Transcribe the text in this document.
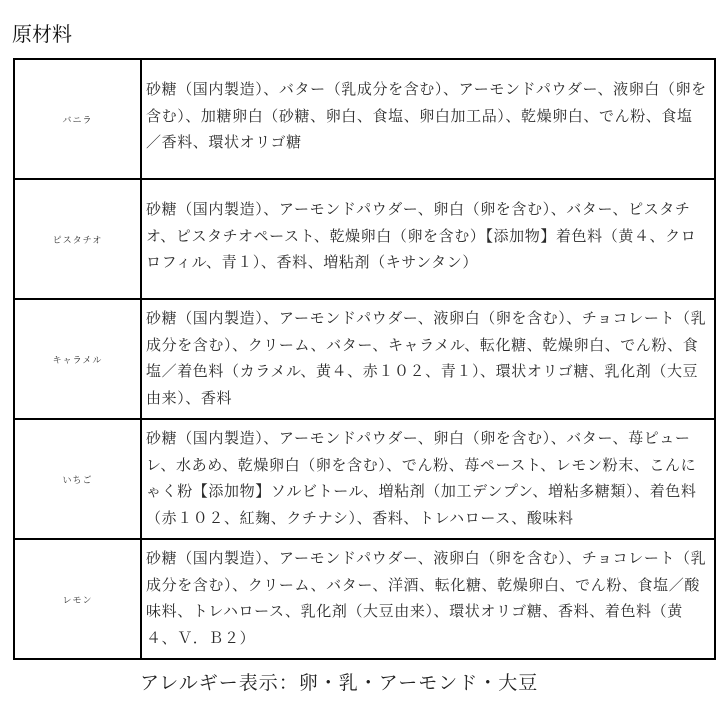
原材料
バニラ
砂糖（国内製造）、バター（乳成分を含む）、アーモンドパウダー、液卵白（卵を含む）、加糖卵白（砂糖、卵白、食塩、卵白加工品）、乾燥卵白、でん粉、食塩／香料、環状オリゴ糖
ピスタチオ
砂糖（国内製造）、アーモンドパウダー、卵白（卵を含む）、バター、ピスタチオ、ピスタチオペースト、乾燥卵白（卵を含む）【添加物】着色料（黄４、クロロフィル、青１）、香料、増粘剤（キサンタン）
キャラメル
砂糖（国内製造）、アーモンドパウダー、液卵白（卵を含む）、チョコレート（乳成分を含む）、クリーム、バター、キャラメル、転化糖、乾燥卵白、でん粉、食塩／着色料（カラメル、黄４、赤１０２、青１）、環状オリゴ糖、乳化剤（大豆由来）、香料
いちご
砂糖（国内製造）、アーモンドパウダー、卵白（卵を含む）、バター、苺ピューレ、水あめ、乾燥卵白（卵を含む）、でん粉、苺ペースト、レモン粉末、こんにゃく粉【添加物】ソルビトール、増粘剤（加工デンプン、増粘多糖類）、着色料（赤１０２、紅麹、クチナシ）、香料、トレハロース、酸味料
レモン
砂糖（国内製造）、アーモンドパウダー、液卵白（卵を含む）、チョコレート（乳成分を含む）、クリーム、バター、洋酒、転化糖、乾燥卵白、でん粉、食塩／酸味料、トレハロース、乳化剤（大豆由来）、環状オリゴ糖、香料、着色料（黄４、Ｖ．Ｂ２）
アレルギー表示：卵・乳・アーモンド・大豆
